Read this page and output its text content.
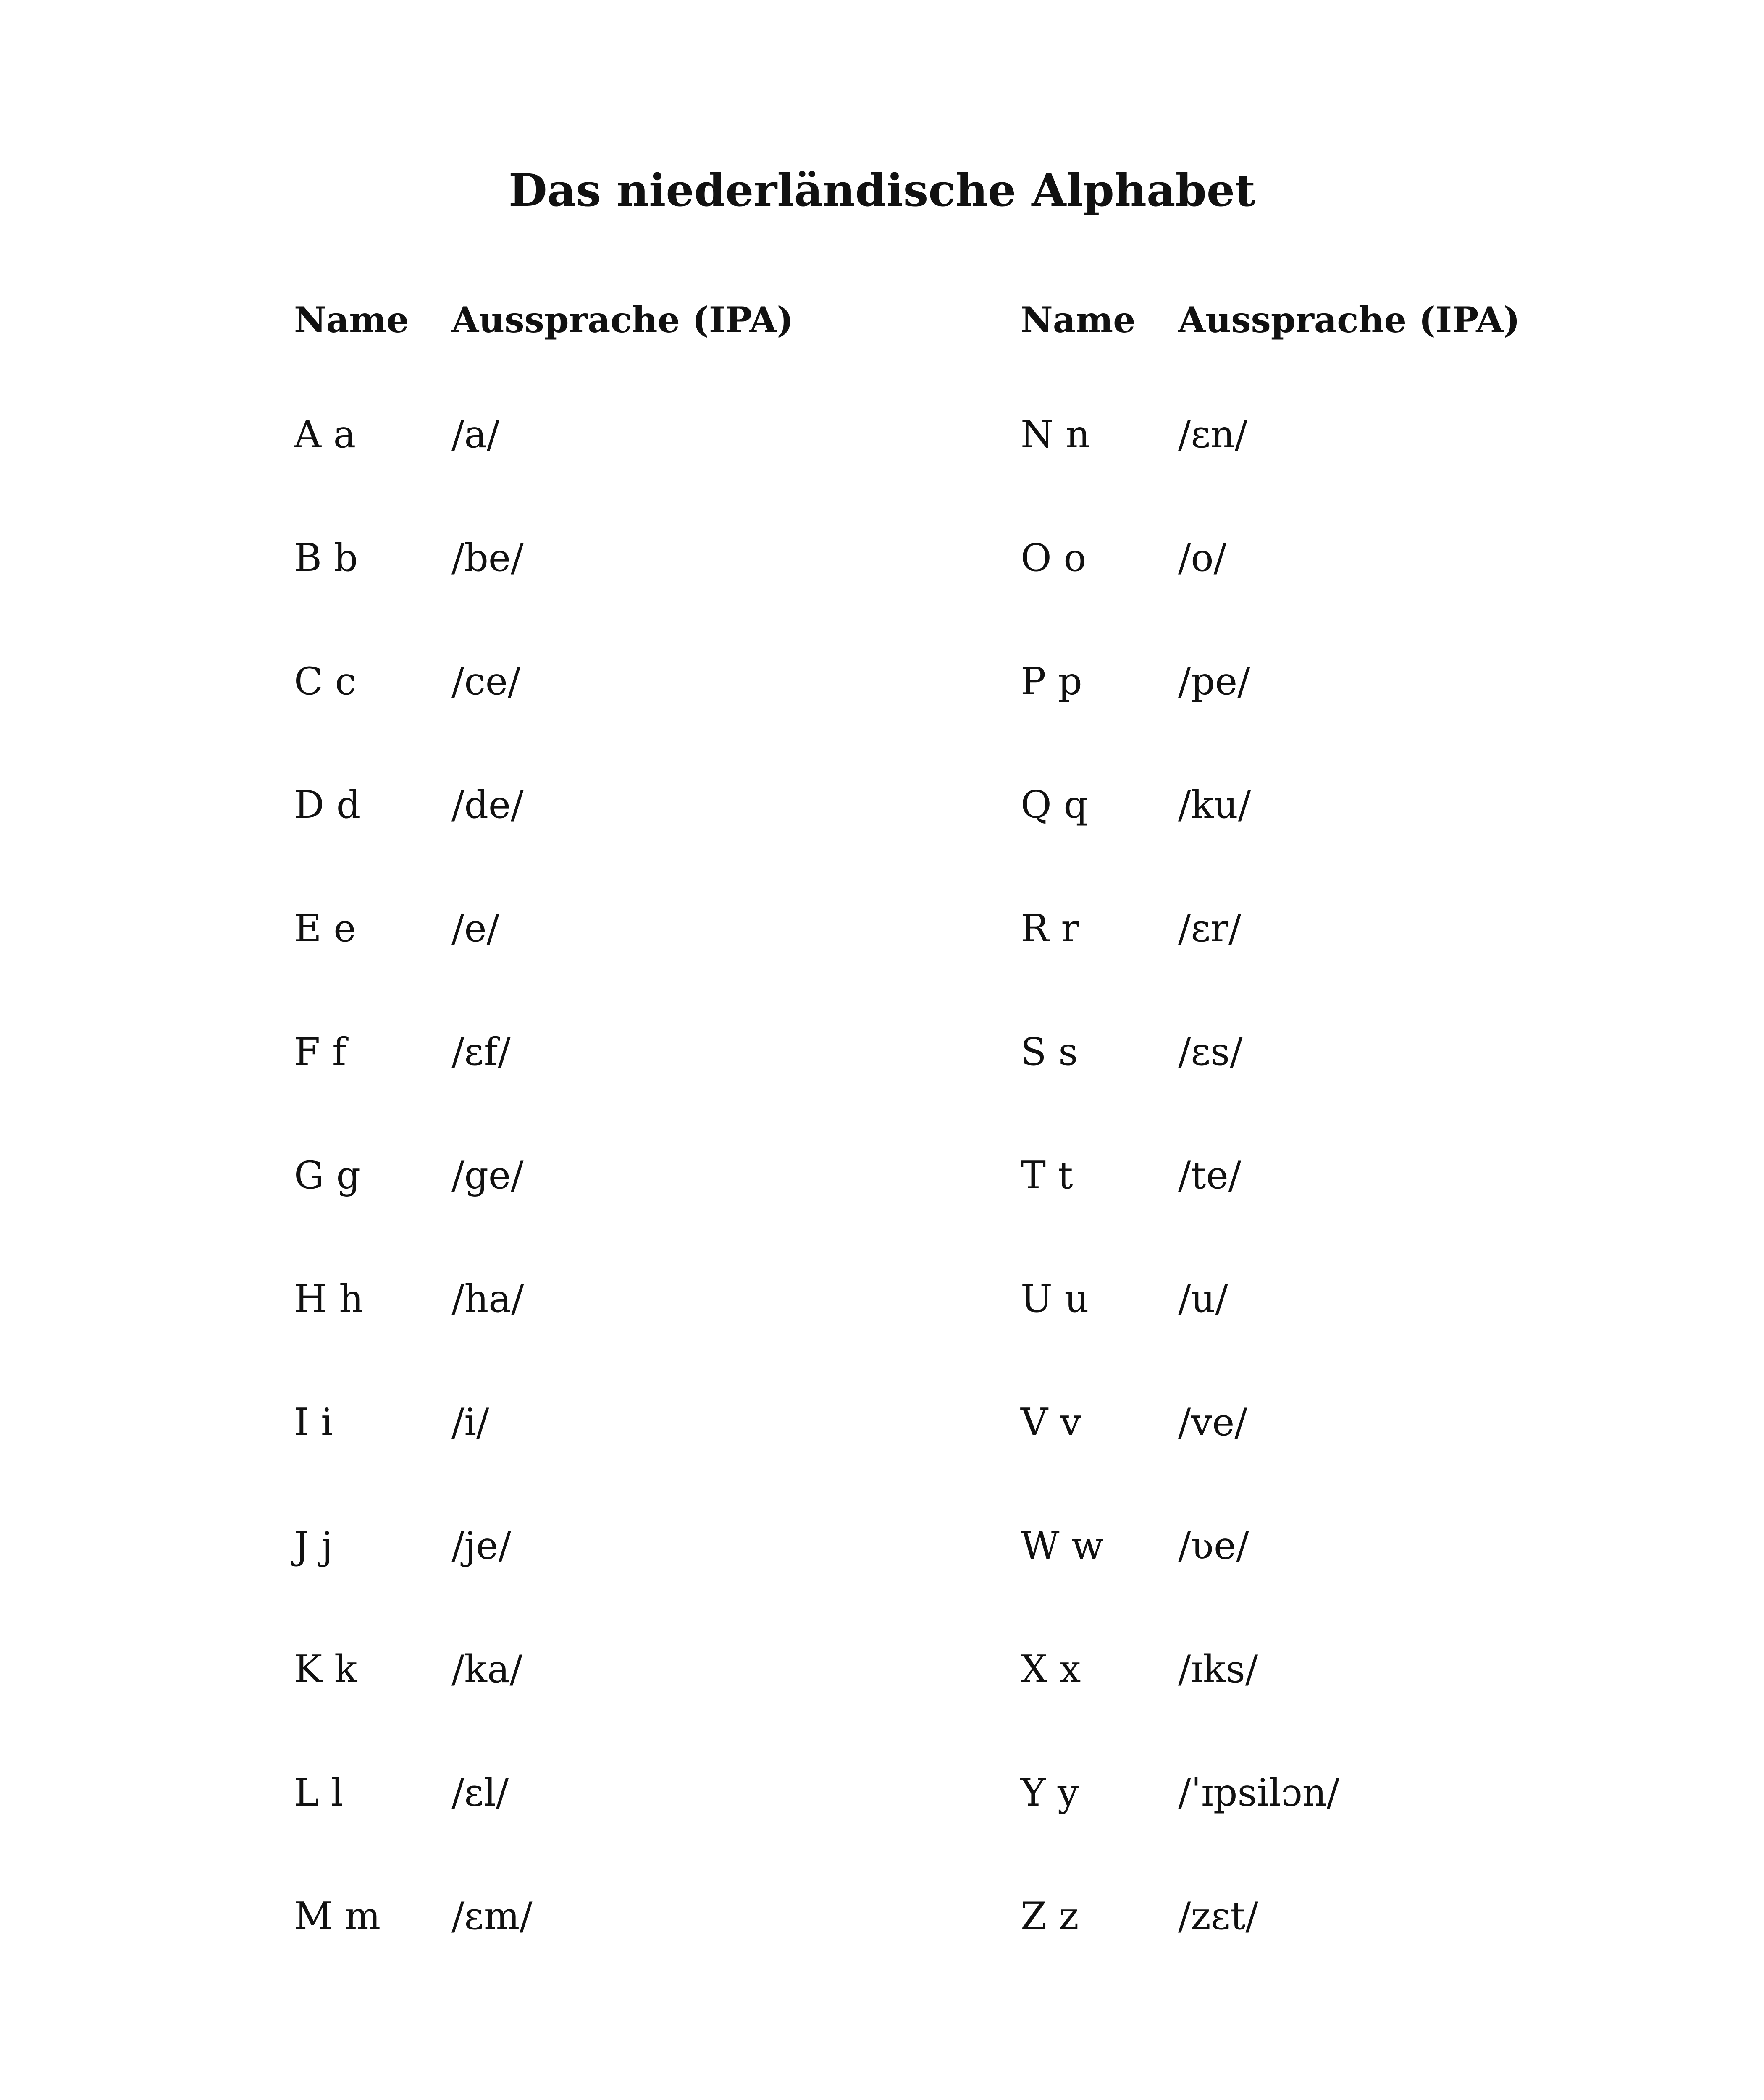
Das niederländische Alphabet
Name Aussprache (IPA)
A a	/a/
B b /be/
C c	/ce/
D d /de/
E e	/e/
F f	/ɛf/
G g /ge/
H h /ha/
I i	/i/
J j	/je/
K k /ka/
L l	/ɛl/
M m /ɛm/
Name Aussprache (IPA)
N n /ɛn/
O o /o/
P p	/pe/
Q q /ku/
R r	/ɛr/
S s	/ɛs/
T t	/te/
U u /u/
V v	/ve/
W w /ʋe/
X x	/ɪks/
Y y	/ˈɪpsilɔn/
Z z	/zɛt/
